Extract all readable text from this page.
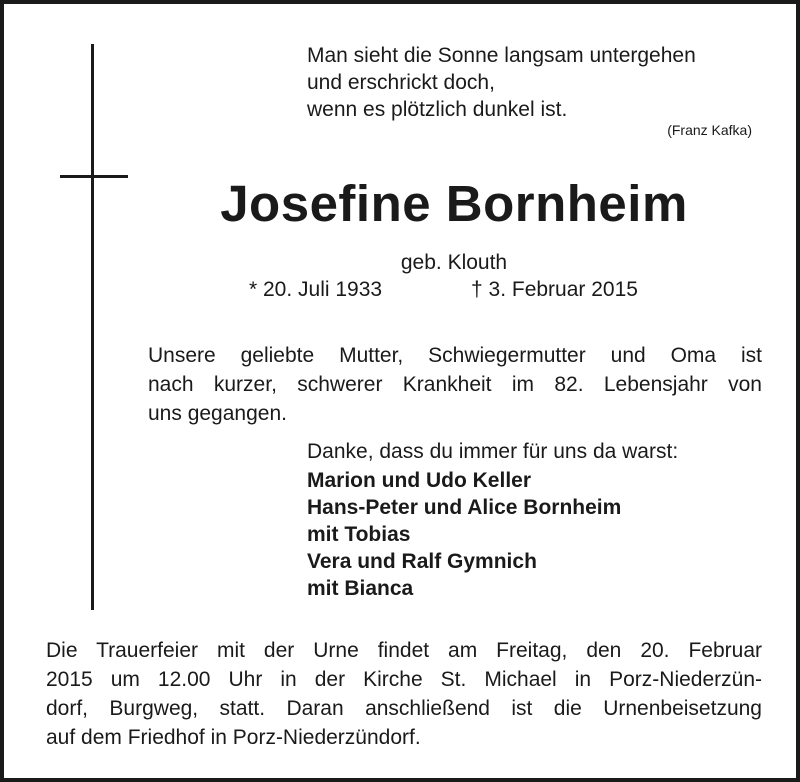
Man sieht die Sonne langsam untergehen
und erschrickt doch,
wenn es plötzlich dunkel ist.
(Franz Kafka)
Josefine Bornheim
geb. Klouth
* 20. Juli 1933	† 3. Februar 2015
Unsere geliebte Mutter, Schwiegermutter und Oma ist
nach kurzer, schwerer Krankheit im 82. Lebensjahr von
uns gegangen.
Danke, dass du immer für uns da warst:
Marion und Udo Keller
Hans-Peter und Alice Bornheim
mit Tobias
Vera und Ralf Gymnich
mit Bianca
Die Trauerfeier mit der Urne findet am Freitag, den 20. Februar
2015 um 12.00 Uhr in der Kirche St. Michael in Porz-Niederzün-
dorf, Burgweg, statt. Daran anschließend ist die Urnenbeisetzung
auf dem Friedhof in Porz-Niederzündorf.
